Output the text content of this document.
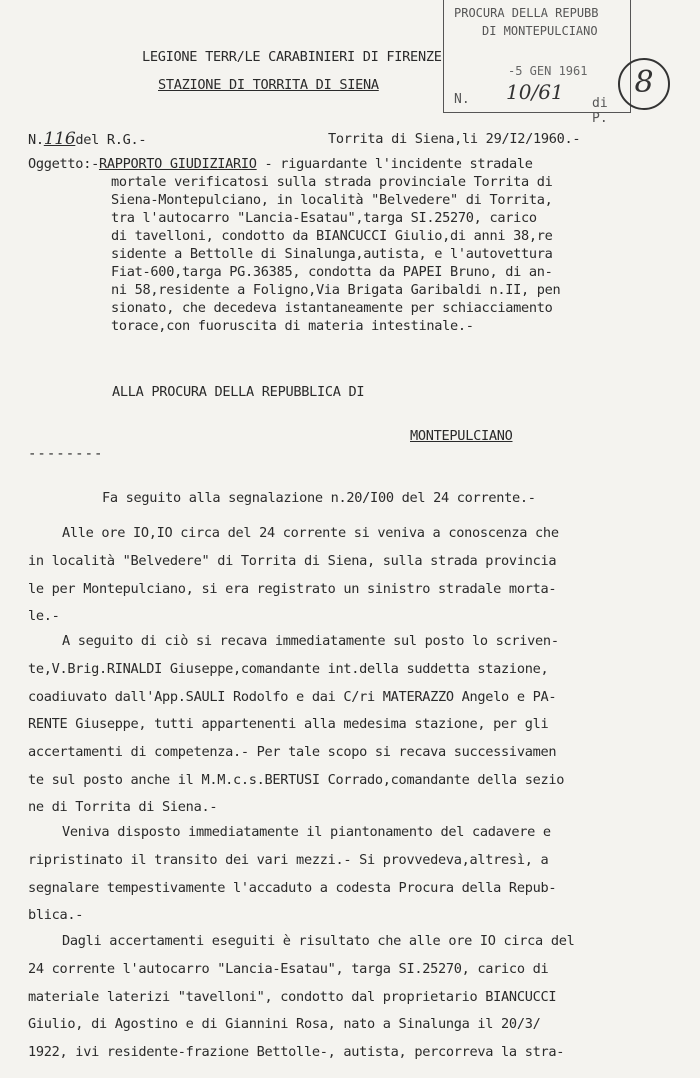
PROCURA DELLA REPUBB
DI MONTEPULCIANO
-5 GEN 1961
N. 10/61 di P.
8
LEGIONE TERR/LE CARABINIERI DI FIRENZE
STAZIONE DI TORRITA DI SIENA
N.116del R.G.-	Torrita di Siena,li 29/I2/1960.-
Oggetto:-RAPPORTO GIUDIZIARIO - riguardante l'incidente stradale
mortale verificatosi sulla strada provinciale Torrita di
Siena-Montepulciano, in località "Belvedere" di Torrita,
tra l'autocarro "Lancia-Esatau",targa SI.25270, carico
di tavelloni, condotto da BIANCUCCI Giulio,di anni 38,re
sidente a Bettolle di Sinalunga,autista, e l'autovettura
Fiat-600,targa PG.36385, condotta da PAPEI Bruno, di an-
ni 58,residente a Foligno,Via Brigata Garibaldi n.II, pen
sionato, che decedeva istantaneamente per schiacciamento
torace,con fuoruscita di materia intestinale.-
ALLA PROCURA DELLA REPUBBLICA DI
MONTEPULCIANO
--------
Fa seguito alla segnalazione n.20/I00 del 24 corrente.-
Alle ore IO,IO circa del 24 corrente si veniva a conoscenza che
in località "Belvedere" di Torrita di Siena, sulla strada provincia
le per Montepulciano, si era registrato un sinistro stradale morta-
le.-
A seguito di ciò si recava immediatamente sul posto lo scriven-
te,V.Brig.RINALDI Giuseppe,comandante int.della suddetta stazione,
coadiuvato dall'App.SAULI Rodolfo e dai C/ri MATERAZZO Angelo e PA-
RENTE Giuseppe, tutti appartenenti alla medesima stazione, per gli
accertamenti di competenza.- Per tale scopo si recava successivamen
te sul posto anche il M.M.c.s.BERTUSI Corrado,comandante della sezio
ne di Torrita di Siena.-
Veniva disposto immediatamente il piantonamento del cadavere e
ripristinato il transito dei vari mezzi.- Si provvedeva,altresì, a
segnalare tempestivamente l'accaduto a codesta Procura della Repub-
blica.-
Dagli accertamenti eseguiti è risultato che alle ore IO circa del
24 corrente l'autocarro "Lancia-Esatau", targa SI.25270, carico di
materiale laterizi "tavelloni", condotto dal proprietario BIANCUCCI
Giulio, di Agostino e di Giannini Rosa, nato a Sinalunga il 20/3/
1922, ivi residente-frazione Bettolle-, autista, percorreva la stra-
